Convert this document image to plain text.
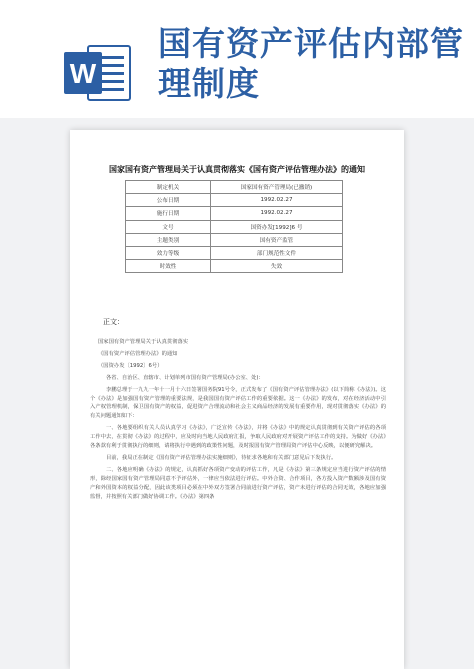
W
国有资产评估内部管理制度
国家国有资产管理局关于认真贯彻落实《国有资产评估管理办法》的通知
制定机关	国家国有资产管理局(已撤销)
公布日期	1992.02.27
施行日期	1992.02.27
文号	国资办发[1992]6 号
主题类别	国有资产监管
效力等级	部门规范性文件
时效性	失效
正文：

国家国有资产管理局关于认真贯彻落实

《国有资产评估管理办法》的通知

（国资办发〔1992〕6号）

各省、自治区、直辖市、计划单列市国有资产管理局(办公室、处)：

李鹏总理于一九九一年十一月十六日签署国务院91号令，正式发布了《国有资产评估管理办法》(以下简称《办法》)。这个《办法》是加强国有资产管理的重要法规，是我国国有资产评估工作的重要依据。这一《办法》的发布，对在经济活动中引入产权管理机制，保卫国有资产的权益，促进资产合理流动和社会主义商品经济的发展有重要作用，现对贯彻落实《办法》的有关问题通知如下：

一、各地要组织有关人员认真学习《办法》，广泛宣传《办法》，并将《办法》中的规定认真贯彻到有关资产评估的各项工作中去，在贯彻《办法》的过程中，应及时向当地人民政府汇报，争取人民政府对开展资产评估工作的支持。为做好《办法》各条款有利于贯彻执行的细则，请将执行中遇到的政策性问题，及时报国有资产管理局资产评估中心反映，以便研究解决。

目前，我局正在制定《国有资产评估管理办法实施细则》，待征求各地和有关部门意见后下发执行。

二、各地应明确《办法》的规定，认真抓好各项资产变动的评估工作，凡是《办法》第三条规定应当进行资产评估的情形，除经国家国有资产管理局同意不予评估外，一律应当依法进行评估。中外合资、合作项目，各方投入资产数额涉及国有资产和外国资本的权益分配，因此该类项目必须在中外双方签署合同前进行资产评估，资产未进行评估的合同无效，各地应加强监督，并按照有关部门做好协调工作。《办法》第四条
